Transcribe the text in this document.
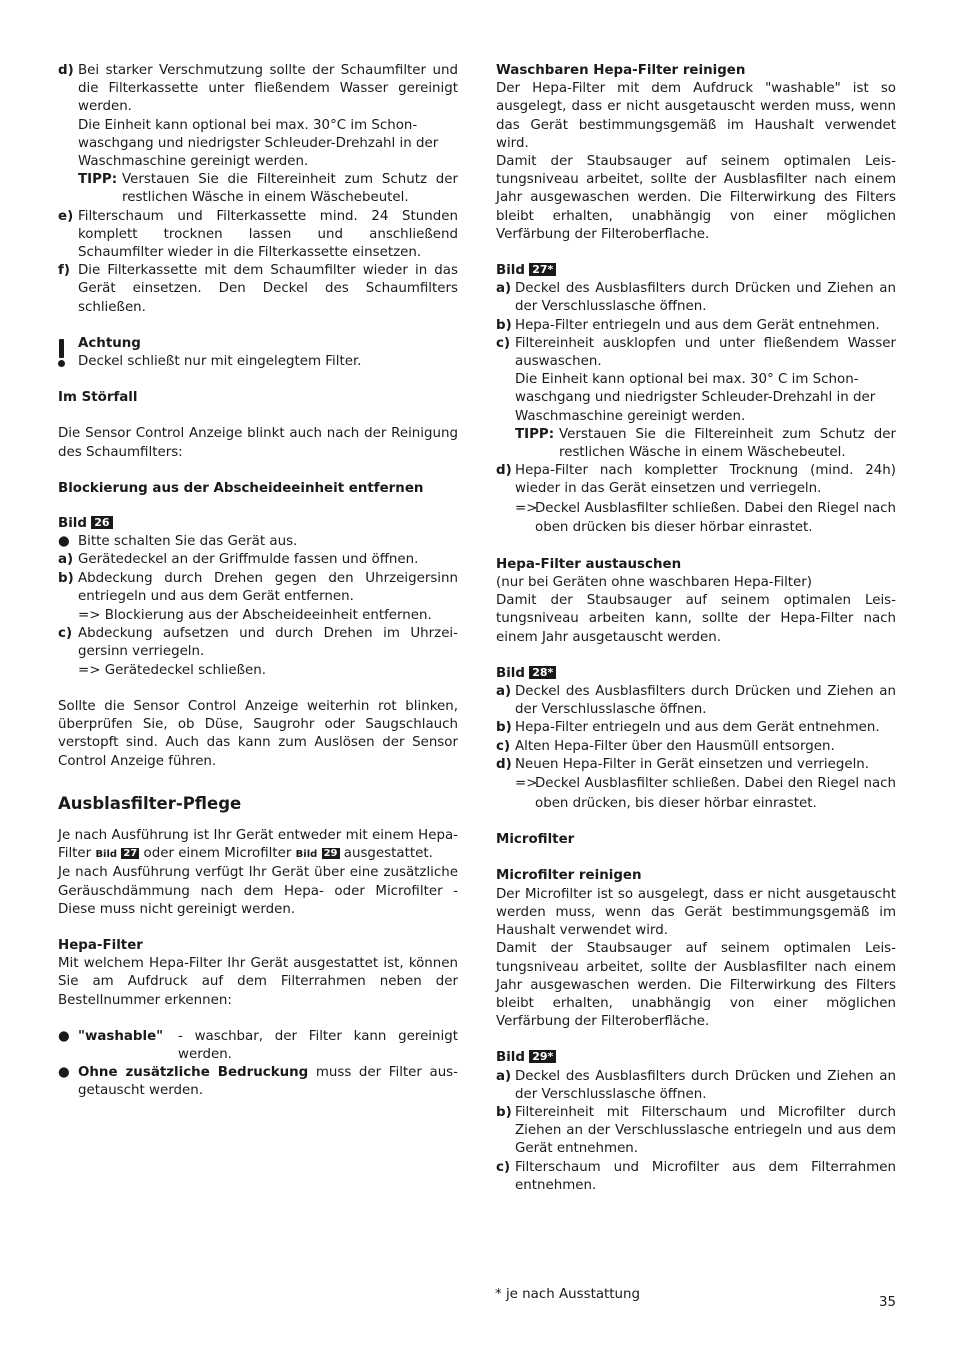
d) Bei starker Verschmutzung sollte der Schaumfilter und die Filterkassette unter fließendem Wasser gereinigt werden.

Die Einheit kann optional bei max. 30°C im Schonwaschgang und niedrigster Schleuder-Drehzahl in der Waschmaschine gereinigt werden.

TIPP: Verstauen Sie die Filtereinheit zum Schutz der restlichen Wäsche in einem Wäschebeutel.
e) Filterschaum und Filterkassette mind. 24 Stunden komplett trocknen lassen und anschließend Schaumfilter wieder in die Filterkassette einsetzen.

f) Die Filterkassette mit dem Schaumfilter wieder in das Gerät einsetzen. Den Deckel des Schaumfilters schließen.

Achtung

Deckel schließt nur mit eingelegtem Filter.

Im Störfall

Die Sensor Control Anzeige blinkt auch nach der Reinigung des Schaumfilters:

Blockierung aus der Abscheideeinheit entfernen

Bild 26

● Bitte schalten Sie das Gerät aus.
a) Gerätedeckel an der Griffmulde fassen und öffnen.

b) Abdeckung durch Drehen gegen den Uhrzeigersinn entriegeln und aus dem Gerät entfernen.

=> Blockierung aus der Abscheideeinheit entfernen.

c) Abdeckung aufsetzen und durch Drehen im Uhrzeigersinn verriegeln.

=> Gerätedeckel schließen.

Sollte die Sensor Control Anzeige weiterhin rot blinken, überprüfen Sie, ob Düse, Saugrohr oder Saugschlauch verstopft sind. Auch das kann zum Auslösen der Sensor Control Anzeige führen.

Ausblasfilter-Pflege

Je nach Ausführung ist Ihr Gerät entweder mit einem Hepa-Filter Bild 27 oder einem Microfilter Bild 29 ausgestattet.

Je nach Ausführung verfügt Ihr Gerät über eine zusätzliche Geräuschdämmung nach dem Hepa- oder Microfilter - Diese muss nicht gereinigt werden.

Hepa-Filter

Mit welchem Hepa-Filter Ihr Gerät ausgestattet ist, können Sie am Aufdruck auf dem Filterrahmen neben der Bestellnummer erkennen:

● "washable"	- waschbar, der Filter kann gereinigt werden.
● Ohne zusätzliche Bedruckung muss der Filter ausgetauscht werden.

Waschbaren Hepa-Filter reinigen

Der Hepa-Filter mit dem Aufdruck "washable" ist so ausgelegt, dass er nicht ausgetauscht werden muss, wenn das Gerät bestimmungsgemäß im Haushalt verwendet wird.

Damit der Staubsauger auf seinem optimalen Leistungsniveau arbeitet, sollte der Ausblasfilter nach einem Jahr ausgewaschen werden. Die Filterwirkung des Filters bleibt erhalten, unabhängig von einer möglichen Verfärbung der Filteroberflache.

Bild 27*

a) Deckel des Ausblasfilters durch Drücken und Ziehen an der Verschlusslasche öffnen.

b) Hepa-Filter entriegeln und aus dem Gerät entnehmen.

c) Filtereinheit ausklopfen und unter fließendem Wasser auswaschen.

Die Einheit kann optional bei max. 30° C im Schonwaschgang und niedrigster Schleuder-Drehzahl in der Waschmaschine gereinigt werden.

TIPP: Verstauen Sie die Filtereinheit zum Schutz der restlichen Wäsche in einem Wäschebeutel.
d) Hepa-Filter nach kompletter Trocknung (mind. 24h) wieder in das Gerät einsetzen und verriegeln.

=>
Deckel Ausblasfilter schließen. Dabei den Riegel nach oben drücken bis dieser hörbar einrastet.

Hepa-Filter austauschen

(nur bei Geräten ohne waschbaren Hepa-Filter)

Damit der Staubsauger auf seinem optimalen Leistungsniveau arbeiten kann, sollte der Hepa-Filter nach einem Jahr ausgetauscht werden.

Bild 28*

a) Deckel des Ausblasfilters durch Drücken und Ziehen an der Verschlusslasche öffnen.

b) Hepa-Filter entriegeln und aus dem Gerät entnehmen.

c) Alten Hepa-Filter über den Hausmüll entsorgen.

d) Neuen Hepa-Filter in Gerät einsetzen und verriegeln.

=>
Deckel Ausblasfilter schließen. Dabei den Riegel nach oben drücken, bis dieser hörbar einrastet.

Microfilter

Microfilter reinigen

Der Microfilter ist so ausgelegt, dass er nicht ausgetauscht werden muss, wenn das Gerät bestimmungsgemäß im Haushalt verwendet wird.

Damit der Staubsauger auf seinem optimalen Leistungsniveau arbeitet, sollte der Ausblasfilter nach einem Jahr ausgewaschen werden. Die Filterwirkung des Filters bleibt erhalten, unabhängig von einer möglichen Verfärbung der Filteroberfläche.

Bild 29*

a) Deckel des Ausblasfilters durch Drücken und Ziehen an der Verschlusslasche öffnen.

b) Filtereinheit mit Filterschaum und Microfilter durch Ziehen an der Verschlusslasche entriegeln und aus dem Gerät entnehmen.

c) Filterschaum und Microfilter aus dem Filterrahmen entnehmen.

* je nach Ausstattung

35
